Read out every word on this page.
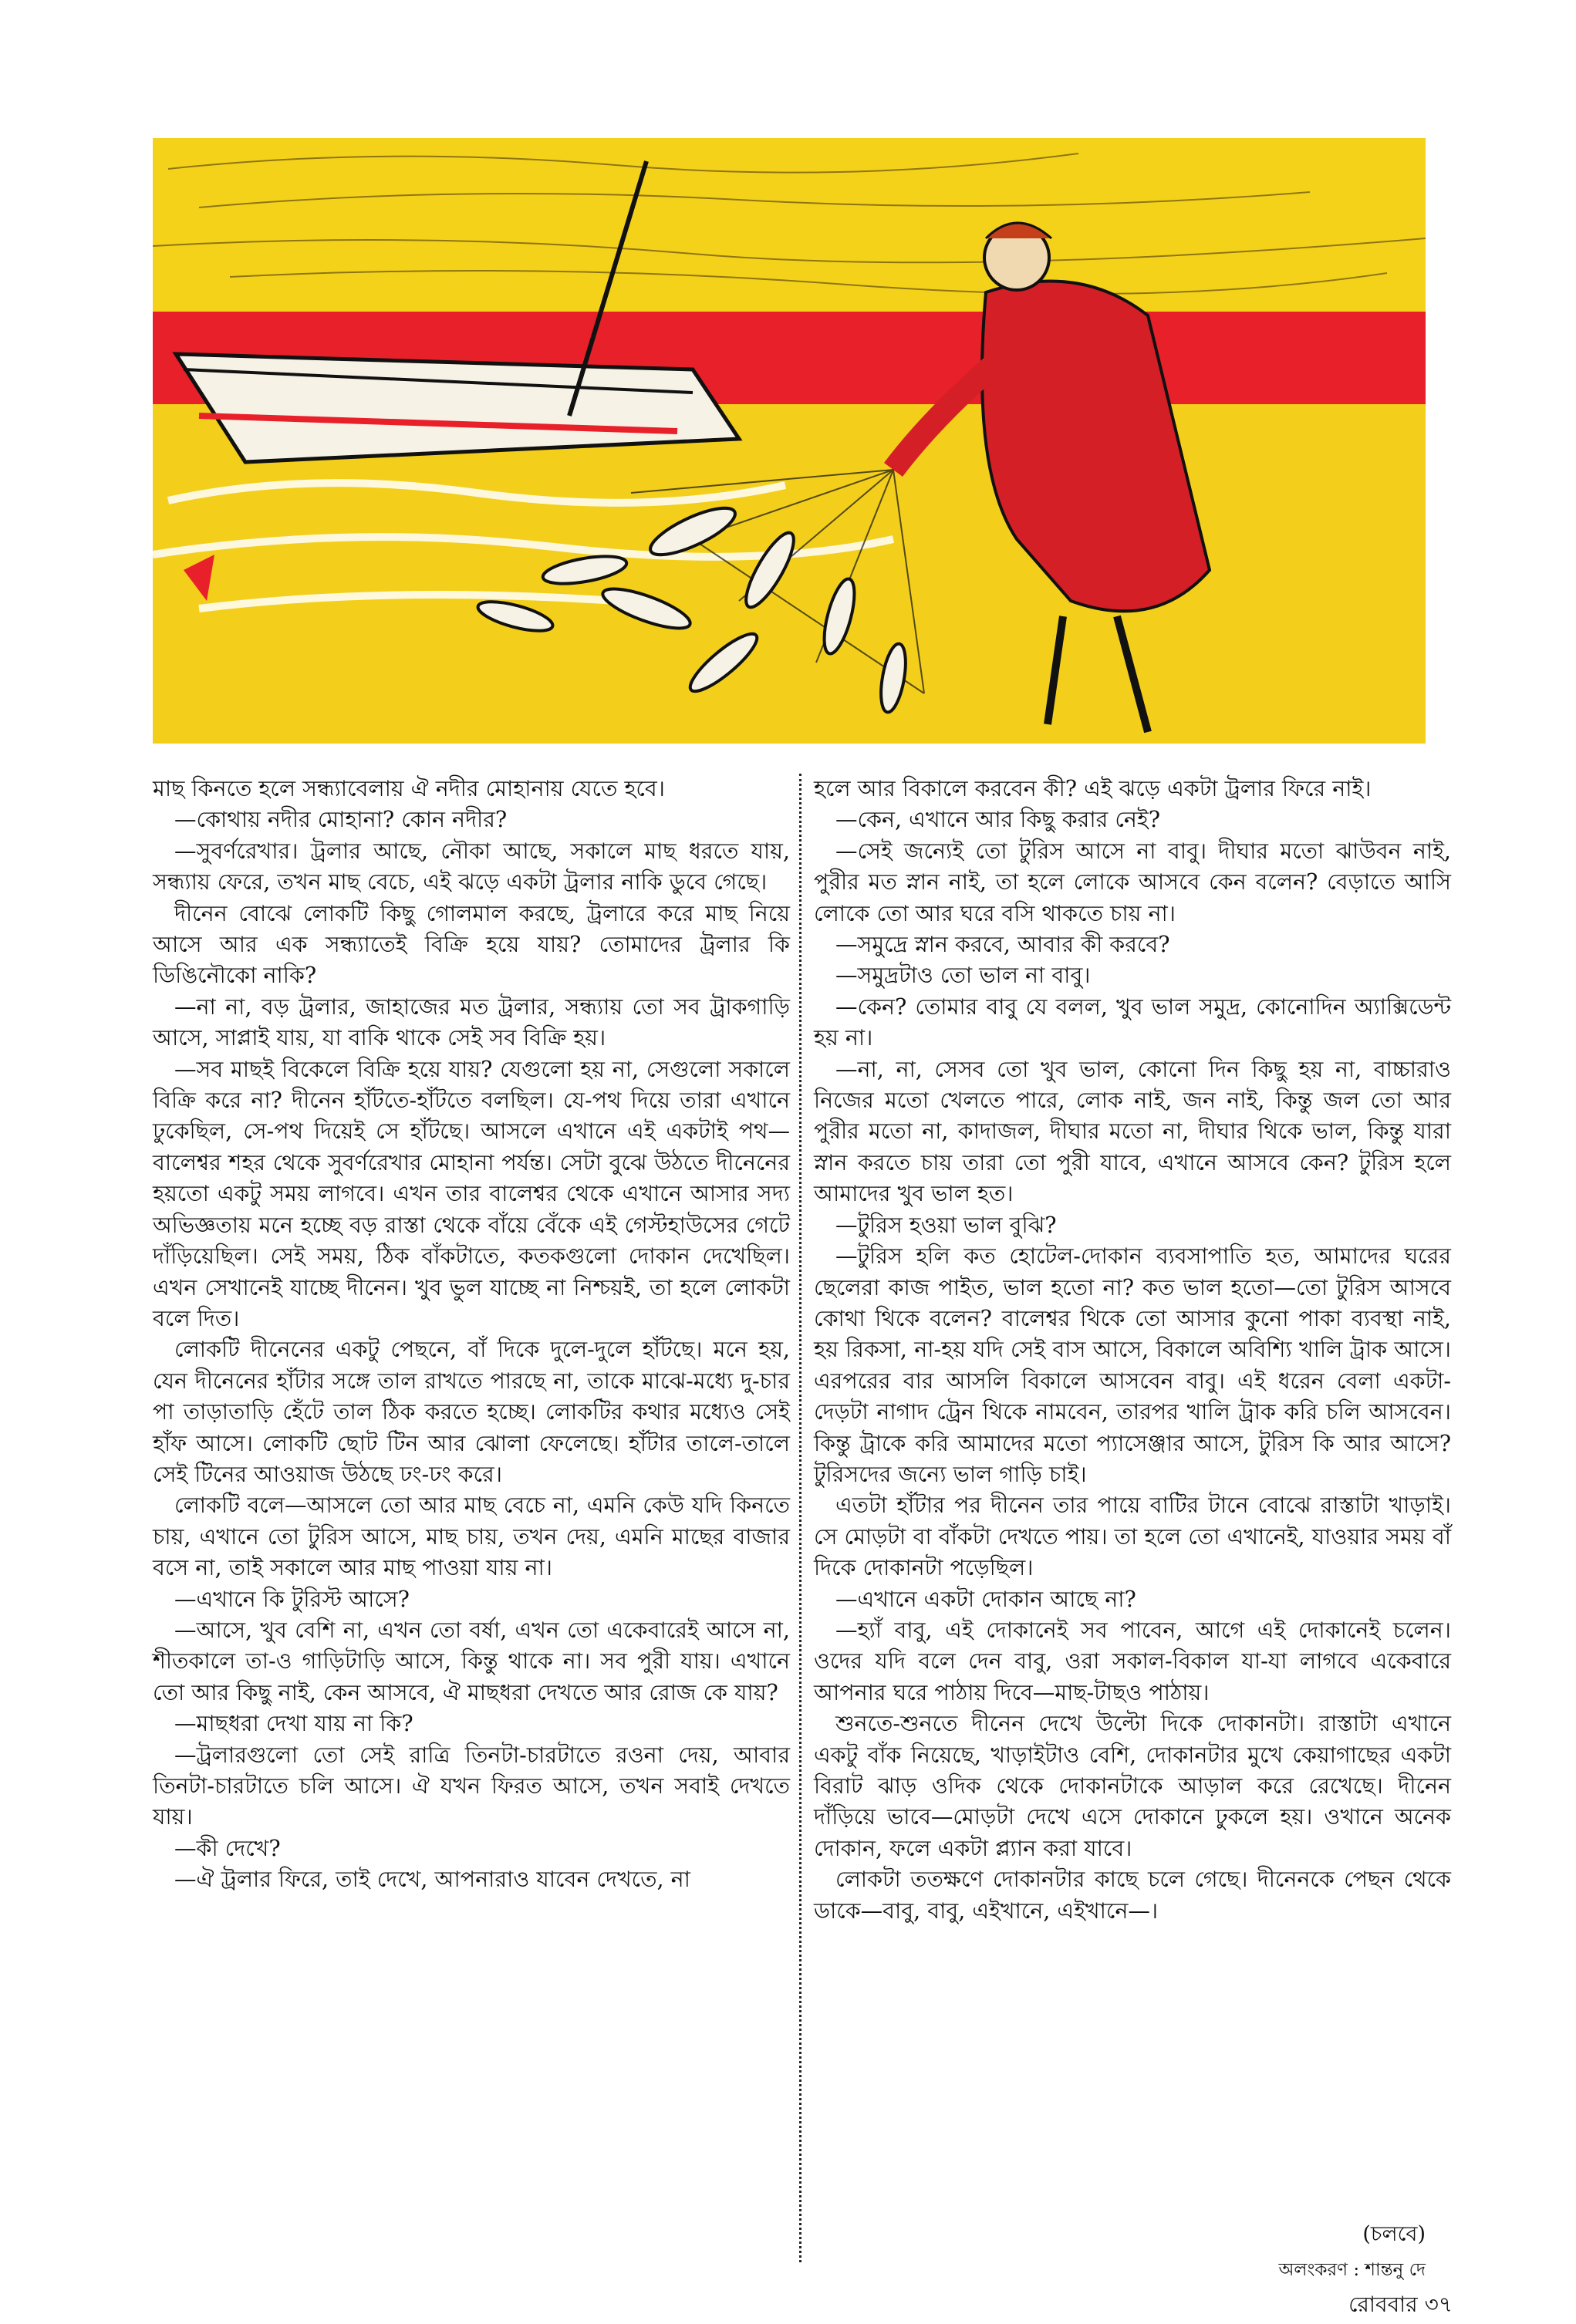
মাছ কিনতে হলে সন্ধ্যাবেলায় ঐ নদীর মোহানায় যেতে হবে।

—কোথায় নদীর মোহানা? কোন নদীর?

—সুবর্ণরেখার। ট্রলার আছে, নৌকা আছে, সকালে মাছ ধরতে যায়, সন্ধ্যায় ফেরে, তখন মাছ বেচে, এই ঝড়ে একটা ট্রলার নাকি ডুবে গেছে।

দীনেন বোঝে লোকটি কিছু গোলমাল করছে, ট্রলারে করে মাছ নিয়ে আসে আর এক সন্ধ্যাতেই বিক্রি হয়ে যায়? তোমাদের ট্রলার কি ডিঙিনৌকো নাকি?

—না না, বড় ট্রলার, জাহাজের মত ট্রলার, সন্ধ্যায় তো সব ট্রাকগাড়ি আসে, সাপ্লাই যায়, যা বাকি থাকে সেই সব বিক্রি হয়।

—সব মাছই বিকেলে বিক্রি হয়ে যায়? যেগুলো হয় না, সেগুলো সকালে বিক্রি করে না? দীনেন হাঁটতে-হাঁটতে বলছিল। যে-পথ দিয়ে তারা এখানে ঢুকেছিল, সে-পথ দিয়েই সে হাঁটছে। আসলে এখানে এই একটাই পথ—বালেশ্বর শহর থেকে সুবর্ণরেখার মোহানা পর্যন্ত। সেটা বুঝে উঠতে দীনেনের হয়তো একটু সময় লাগবে। এখন তার বালেশ্বর থেকে এখানে আসার সদ্য অভিজ্ঞতায় মনে হচ্ছে বড় রাস্তা থেকে বাঁয়ে বেঁকে এই গেস্টহাউসের গেটে দাঁড়িয়েছিল। সেই সময়, ঠিক বাঁকটাতে, কতকগুলো দোকান দেখেছিল। এখন সেখানেই যাচ্ছে দীনেন। খুব ভুল যাচ্ছে না নিশ্চয়ই, তা হলে লোকটা বলে দিত।

লোকটি দীনেনের একটু পেছনে, বাঁ দিকে দুলে-দুলে হাঁটছে। মনে হয়, যেন দীনেনের হাঁটার সঙ্গে তাল রাখতে পারছে না, তাকে মাঝে-মধ্যে দু-চার পা তাড়াতাড়ি হেঁটে তাল ঠিক করতে হচ্ছে। লোকটির কথার মধ্যেও সেই হাঁফ আসে। লোকটি ছোট টিন আর ঝোলা ফেলেছে। হাঁটার তালে-তালে সেই টিনের আওয়াজ উঠছে ঢং-ঢং করে।

লোকটি বলে—আসলে তো আর মাছ বেচে না, এমনি কেউ যদি কিনতে চায়, এখানে তো টুরিস আসে, মাছ চায়, তখন দেয়, এমনি মাছের বাজার বসে না, তাই সকালে আর মাছ পাওয়া যায় না।

—এখানে কি টুরিস্ট আসে?

—আসে, খুব বেশি না, এখন তো বর্ষা, এখন তো একেবারেই আসে না, শীতকালে তা-ও গাড়িটাড়ি আসে, কিন্তু থাকে না। সব পুরী যায়। এখানে তো আর কিছু নাই, কেন আসবে, ঐ মাছধরা দেখতে আর রোজ কে যায়?

—মাছধরা দেখা যায় না কি?

—ট্রলারগুলো তো সেই রাত্রি তিনটা-চারটাতে রওনা দেয়, আবার তিনটা-চারটাতে চলি আসে। ঐ যখন ফিরত আসে, তখন সবাই দেখতে যায়।

—কী দেখে?

—ঐ ট্রলার ফিরে, তাই দেখে, আপনারাও যাবেন দেখতে, না

হলে আর বিকালে করবেন কী? এই ঝড়ে একটা ট্রলার ফিরে নাই।

—কেন, এখানে আর কিছু করার নেই?

—সেই জন্যেই তো টুরিস আসে না বাবু। দীঘার মতো ঝাউবন নাই, পুরীর মত স্নান নাই, তা হলে লোকে আসবে কেন বলেন? বেড়াতে আসি লোকে তো আর ঘরে বসি থাকতে চায় না।

—সমুদ্রে স্নান করবে, আবার কী করবে?

—সমুদ্রটাও তো ভাল না বাবু।

—কেন? তোমার বাবু যে বলল, খুব ভাল সমুদ্র, কোনোদিন অ্যাক্সিডেন্ট হয় না।

—না, না, সেসব তো খুব ভাল, কোনো দিন কিছু হয় না, বাচ্চারাও নিজের মতো খেলতে পারে, লোক নাই, জন নাই, কিন্তু জল তো আর পুরীর মতো না, কাদাজল, দীঘার মতো না, দীঘার থিকে ভাল, কিন্তু যারা স্নান করতে চায় তারা তো পুরী যাবে, এখানে আসবে কেন? টুরিস হলে আমাদের খুব ভাল হত।

—টুরিস হওয়া ভাল বুঝি?

—টুরিস হলি কত হোটেল-দোকান ব্যবসাপাতি হত, আমাদের ঘরের ছেলেরা কাজ পাইত, ভাল হতো না? কত ভাল হতো—তো টুরিস আসবে কোথা থিকে বলেন? বালেশ্বর থিকে তো আসার কুনো পাকা ব্যবস্থা নাই, হয় রিকসা, না-হয় যদি সেই বাস আসে, বিকালে অবিশ্যি খালি ট্রাক আসে। এরপরের বার আসলি বিকালে আসবেন বাবু। এই ধরেন বেলা একটা-দেড়টা নাগাদ ট্রেন থিকে নামবেন, তারপর খালি ট্রাক করি চলি আসবেন। কিন্তু ট্রাকে করি আমাদের মতো প্যাসেঞ্জার আসে, টুরিস কি আর আসে? টুরিসদের জন্যে ভাল গাড়ি চাই।

এতটা হাঁটার পর দীনেন তার পায়ে বাটির টানে বোঝে রাস্তাটা খাড়াই। সে মোড়টা বা বাঁকটা দেখতে পায়। তা হলে তো এখানেই, যাওয়ার সময় বাঁ দিকে দোকানটা পড়েছিল।

—এখানে একটা দোকান আছে না?

—হ্যাঁ বাবু, এই দোকানেই সব পাবেন, আগে এই দোকানেই চলেন। ওদের যদি বলে দেন বাবু, ওরা সকাল-বিকাল যা-যা লাগবে একেবারে আপনার ঘরে পাঠায় দিবে—মাছ-টাছও পাঠায়।

শুনতে-শুনতে দীনেন দেখে উল্টো দিকে দোকানটা। রাস্তাটা এখানে একটু বাঁক নিয়েছে, খাড়াইটাও বেশি, দোকানটার মুখে কেয়াগাছের একটা বিরাট ঝাড় ওদিক থেকে দোকানটাকে আড়াল করে রেখেছে। দীনেন দাঁড়িয়ে ভাবে—মোড়টা দেখে এসে দোকানে ঢুকলে হয়। ওখানে অনেক দোকান, ফলে একটা প্ল্যান করা যাবে।

লোকটা ততক্ষণে দোকানটার কাছে চলে গেছে। দীনেনকে পেছন থেকে ডাকে—বাবু, বাবু, এইখানে, এইখানে—।

(চলবে)
অলংকরণ : শান্তনু দে
রোববার ৩৭
